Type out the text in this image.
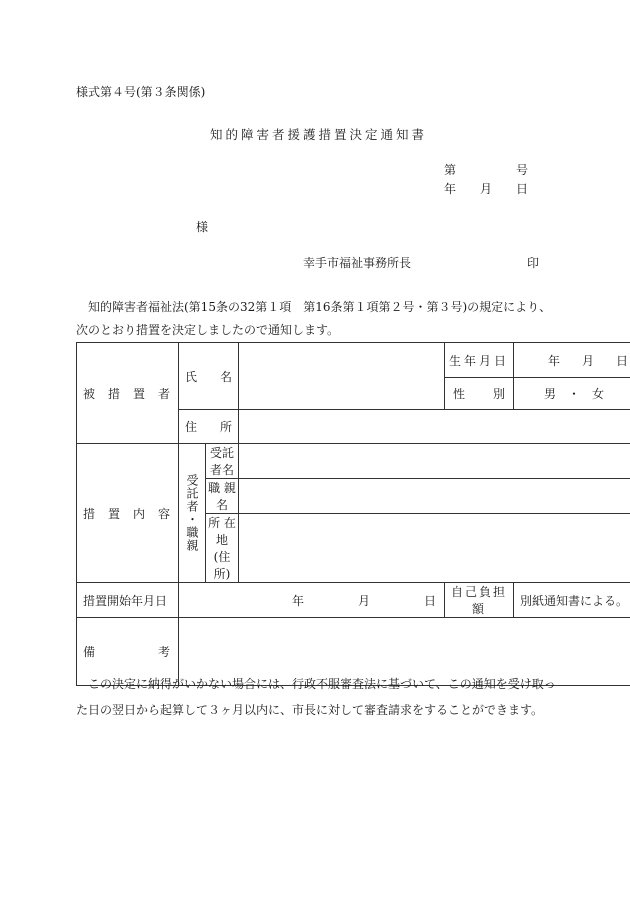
様式第４号(第３条関係)
知的障害者援護措置決定通知書
第	号
年 月 日
様
幸手市福祉事務所長	印
知的障害者福祉法(第15条の32第１項　第16条第１項第２号・第３号)の規定により、
次のとおり措置を決定しましたので通知します。
被 措 置 者	氏 名			生年月日	年 月 日

				性 別	男 ・ 女

	住 所				

措 置 内 容	受託者・職親	受託者名			

		職 親 名			

		所 在 地
(住所)			

措置開始年月日	年 月 日			自己負担額	別紙通知書による。

備 考					

この決定に納得がいかない場合には、行政不服審査法に基づいて、この通知を受け取っ
た日の翌日から起算して３ヶ月以内に、市長に対して審査請求をすることができます。
